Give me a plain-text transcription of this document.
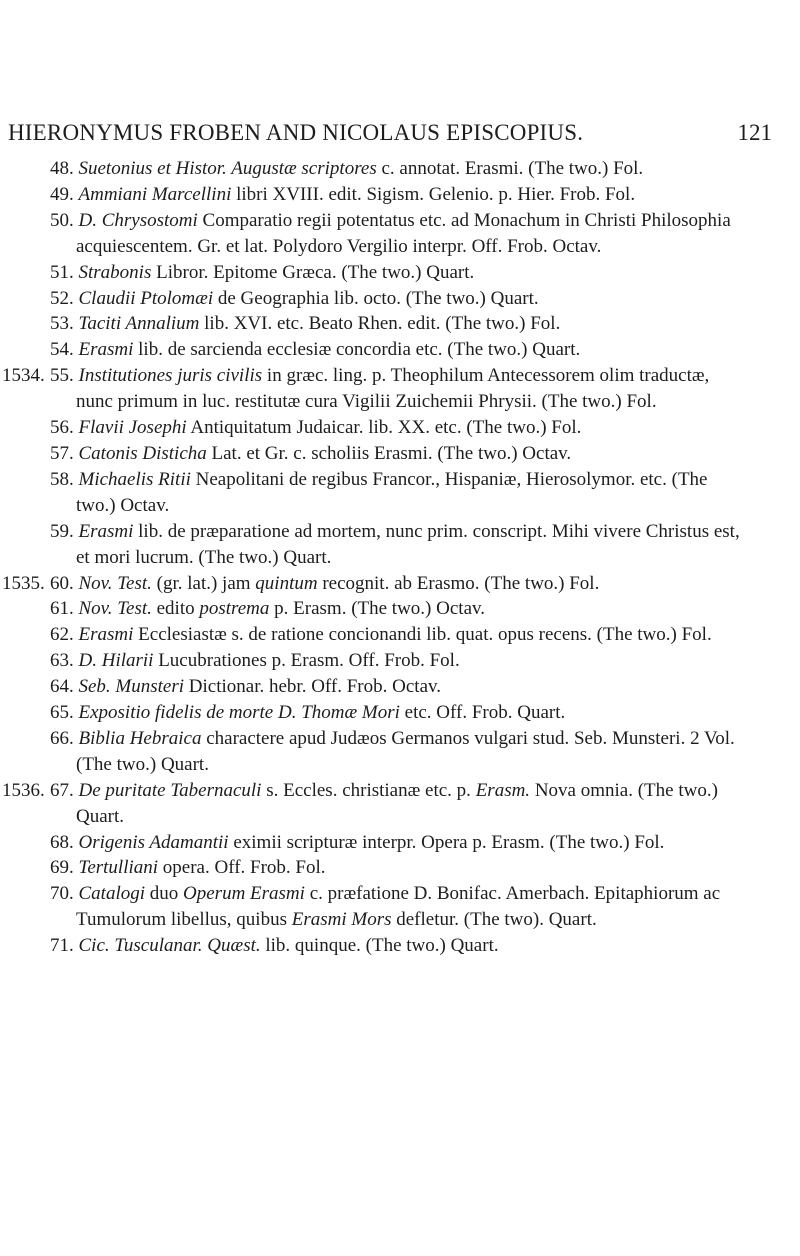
HIERONYMUS FROBEN AND NICOLAUS EPISCOPIUS.	121
48. Suetonius et Histor. Augustæ scriptores c. annotat. Erasmi. (The two.) Fol.
49. Ammiani Marcellini libri XVIII. edit. Sigism. Gelenio. p. Hier. Frob. Fol.
50. D. Chrysostomi Comparatio regii potentatus etc. ad Monachum in Christi Philosophia acquiescentem. Gr. et lat. Polydoro Vergilio interpr. Off. Frob. Octav.
51. Strabonis Libror. Epitome Græca. (The two.) Quart.
52. Claudii Ptolomæi de Geographia lib. octo. (The two.) Quart.
53. Taciti Annalium lib. XVI. etc. Beato Rhen. edit. (The two.) Fol.
54. Erasmi lib. de sarcienda ecclesiæ concordia etc. (The two.) Quart.
1534. 55. Institutiones juris civilis in græc. ling. p. Theophilum Antecessorem olim traductæ, nunc primum in luc. restitutæ cura Vigilii Zuichemii Phrysii. (The two.) Fol.
56. Flavii Josephi Antiquitatum Judaicar. lib. XX. etc. (The two.) Fol.
57. Catonis Disticha Lat. et Gr. c. scholiis Erasmi. (The two.) Octav.
58. Michaelis Ritii Neapolitani de regibus Francor., Hispaniæ, Hierosolymor. etc. (The two.) Octav.
59. Erasmi lib. de præparatione ad mortem, nunc prim. conscript. Mihi vivere Christus est, et mori lucrum. (The two.) Quart.
1535. 60. Nov. Test. (gr. lat.) jam quintum recognit. ab Erasmo. (The two.) Fol.
61. Nov. Test. edito postrema p. Erasm. (The two.) Octav.
62. Erasmi Ecclesiastæ s. de ratione concionandi lib. quat. opus recens. (The two.) Fol.
63. D. Hilarii Lucubrationes p. Erasm. Off. Frob. Fol.
64. Seb. Munsteri Dictionar. hebr. Off. Frob. Octav.
65. Expositio fidelis de morte D. Thomæ Mori etc. Off. Frob. Quart.
66. Biblia Hebraica charactere apud Judæos Germanos vulgari stud. Seb. Munsteri. 2 Vol. (The two.) Quart.
1536. 67. De puritate Tabernaculi s. Eccles. christianæ etc. p. Erasm. Nova omnia. (The two.) Quart.
68. Origenis Adamantii eximii scripturæ interpr. Opera p. Erasm. (The two.) Fol.
69. Tertulliani opera. Off. Frob. Fol.
70. Catalogi duo Operum Erasmi c. præfatione D. Bonifac. Amerbach. Epitaphiorum ac Tumulorum libellus, quibus Erasmi Mors defletur. (The two). Quart.
71. Cic. Tusculanar. Quæst. lib. quinque. (The two.) Quart.
